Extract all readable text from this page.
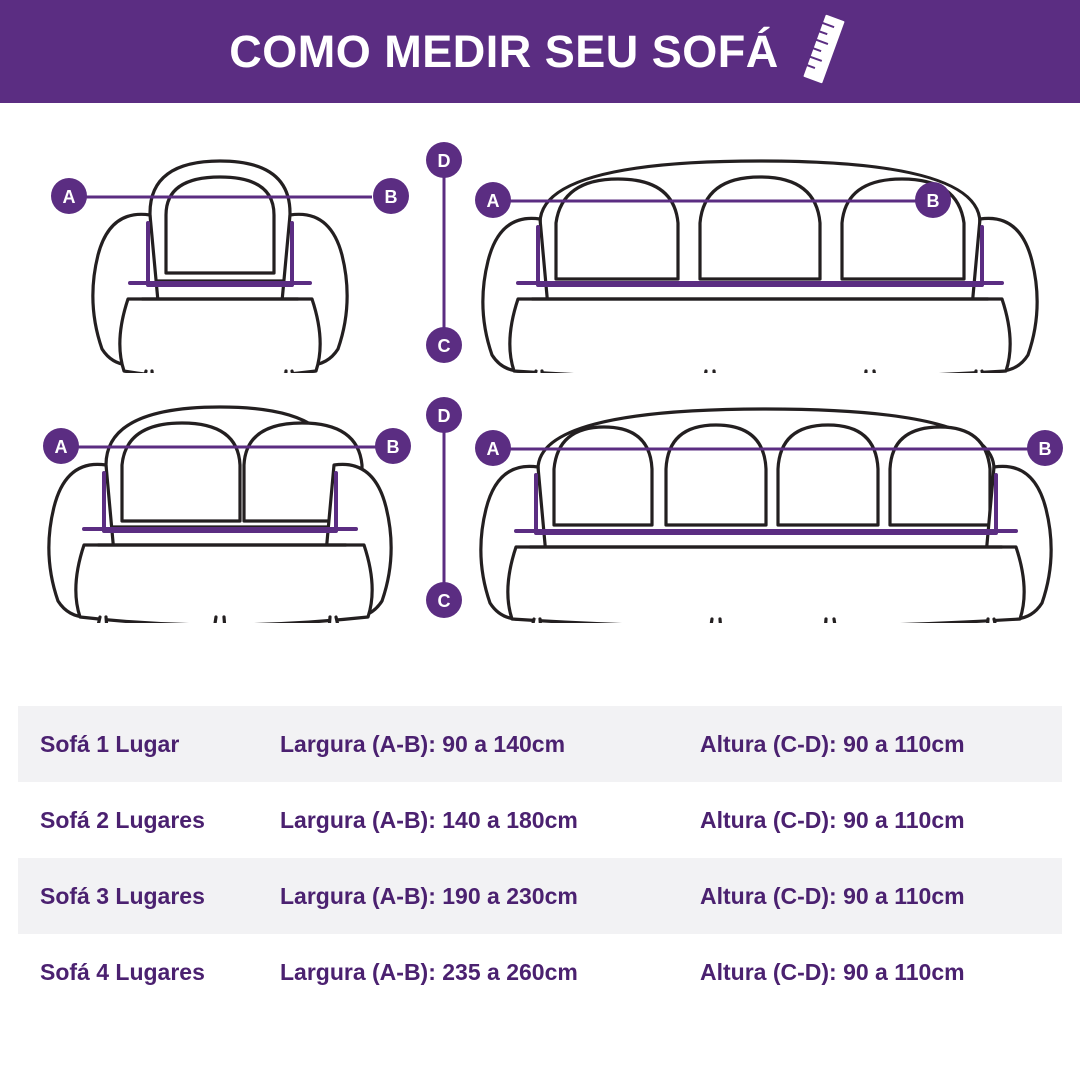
COMO MEDIR SEU SOFÁ
A	B	A	B
A	B	A	B
D
C
D
C
Sofá 1 Lugar	Largura (A-B): 90 a 140cm	Altura (C-D): 90 a 110cm
Sofá 2 Lugares	Largura (A-B): 140 a 180cm	Altura (C-D): 90 a 110cm
Sofá 3 Lugares	Largura (A-B): 190 a 230cm	Altura (C-D): 90 a 110cm
Sofá 4 Lugares	Largura (A-B): 235 a 260cm	Altura (C-D): 90 a 110cm
